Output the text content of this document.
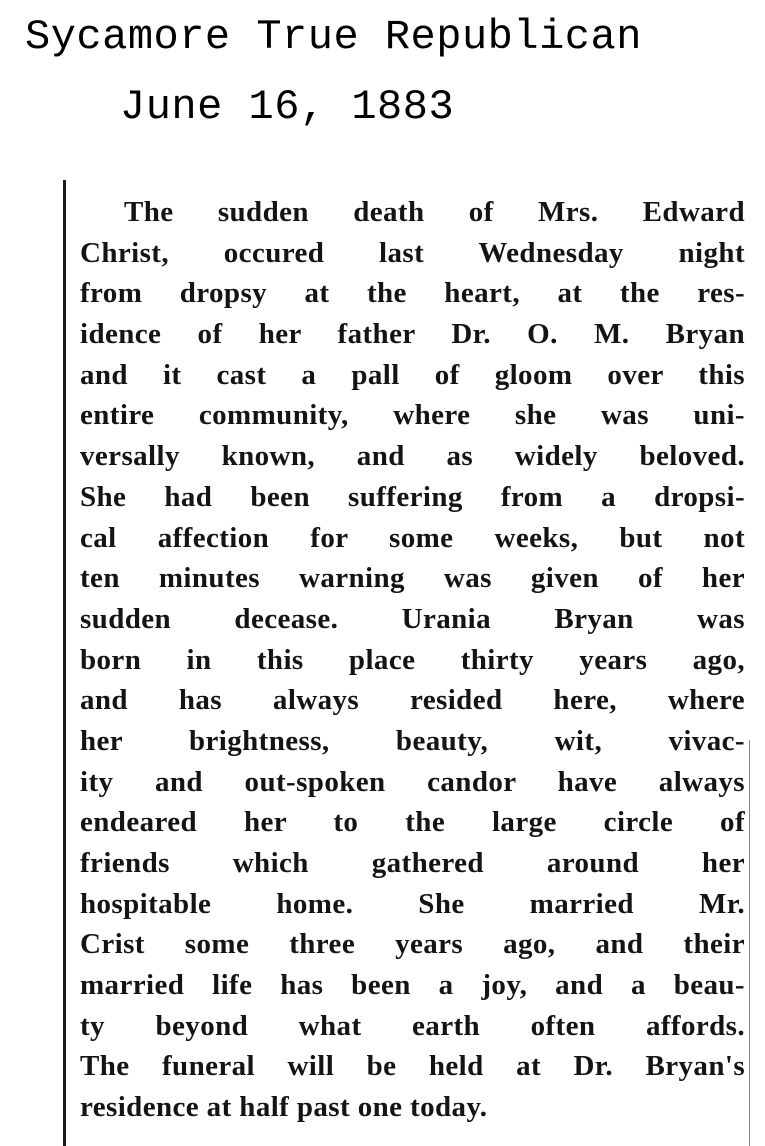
Sycamore True Republican
June 16, 1883
The sudden death of Mrs. Edward
Christ, occured last Wednesday night
from dropsy at the heart, at the res-
idence of her father Dr. O. M. Bryan
and it cast a pall of gloom over this
entire community, where she was uni-
versally known, and as widely beloved.
She had been suffering from a dropsi-
cal affection for some weeks, but not
ten minutes warning was given of her
sudden decease. Urania Bryan was
born in this place thirty years ago,
and has always resided here, where
her brightness, beauty, wit, vivac-
ity and out-spoken candor have always
endeared her to the large circle of
friends which gathered around her
hospitable home. She married Mr.
Crist some three years ago, and their
married life has been a joy, and a beau-
ty beyond what earth often affords.
The funeral will be held at Dr. Bryan's
residence at half past one today.
